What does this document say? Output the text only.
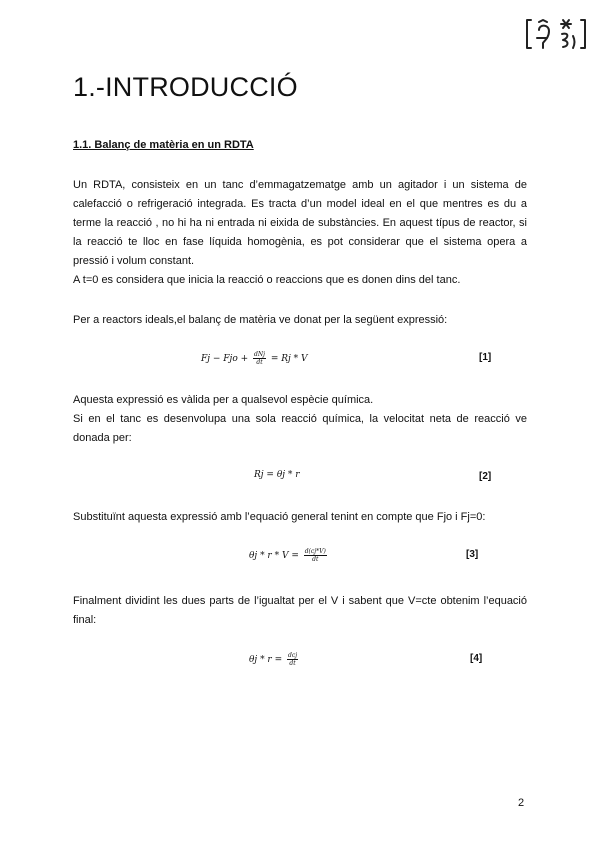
1.-INTRODUCCIÓ
1.1. Balanç de matèria en un RDTA

Un RDTA, consisteix en un tanc d’emmagatzematge amb un agitador i un sistema de calefacció o refrigeració integrada. Es tracta d’un model ideal en el que mentres es du a terme la reacció , no hi ha ni entrada ni eixida de substàncies. En aquest típus de reactor, si la reacció te lloc en fase líquida homogènia, es pot considerar que el sistema opera a pressió i volum constant.

A t=0 es considera que inicia la reacció o reaccions que es donen dins del tanc.

Per a reactors ideals,el balanç de matèria ve donat per la següent expressió:

Fj − Fjo + $\frac{\text{dNj}}{dt} = Rj * V$	[1]

Aquesta expressió es vàlida per a qualsevol espècie química.

Si en el tanc es desenvolupa una sola reacció química, la velocitat neta de reacció ve donada per:

Rj = θj * r	[2]

Substituïnt aquesta expressió amb l’equació general tenint en compte que Fjo i Fj=0:

$\theta j * r * V = \frac{d(cj*V)}{dt}$	[3]

Finalment dividint les dues parts de l’igualtat per el V i sabent que V=cte obtenim l’equació final:

$\theta j * r = \frac{\text{dcj}}{dt}$	[4]
2
